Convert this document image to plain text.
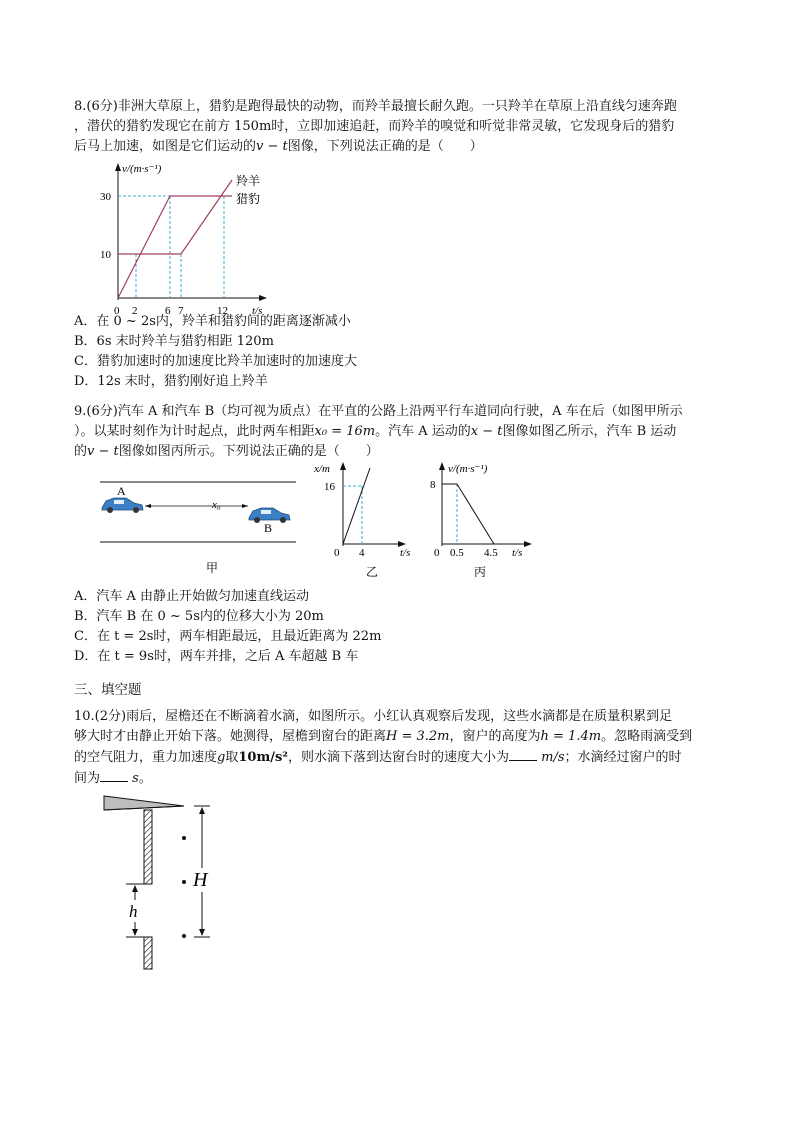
8.(6分)非洲大草原上，猎豹是跑得最快的动物，而羚羊最擅长耐久跑。一只羚羊在草原上沿直线匀速奔跑
，潜伏的猎豹发现它在前方 150m时，立即加速追赶，而羚羊的嗅觉和听觉非常灵敏，它发现身后的猎豹
后马上加速，如图是它们运动的v − t图像，下列说法正确的是（　　）
v/(m·s⁻¹)
30
10
0 2	6 7	12 t/s
羚羊
猎豹
A．在 0 ~ 2s内，羚羊和猎豹间的距离逐渐减小
B．6s 末时羚羊与猎豹相距 120m
C．猎豹加速时的加速度比羚羊加速时的加速度大
D．12s 末时，猎豹刚好追上羚羊
9.(6分)汽车 A 和汽车 B（均可视为质点）在平直的公路上沿两平行车道同向行驶，A 车在后（如图甲所示
）。以某时刻作为计时起点，此时两车相距x₀ = 16m。汽车 A 运动的x − t图像如图乙所示，汽车 B 运动
的v − t图像如图丙所示。下列说法正确的是（　　）
A
B
x₀
甲
x/m
16
0 4	t/s
乙
v/(m·s⁻¹)
8
0 0.5 4.5 t/s
丙
A．汽车 A 由静止开始做匀加速直线运动
B．汽车 B 在 0 ~ 5s内的位移大小为 20m
C．在 t = 2s时，两车相距最远，且最近距离为 22m
D．在 t = 9s时，两车并排，之后 A 车超越 B 车
三、填空题
10.(2分)雨后，屋檐还在不断滴着水滴，如图所示。小红认真观察后发现，这些水滴都是在质量积累到足
够大时才由静止开始下落。她测得，屋檐到窗台的距离H = 3.2m，窗户的高度为h = 1.4m。忽略雨滴受到
的空气阻力，重力加速度g取10m/s²，则水滴下落到达窗台时的速度大小为 m/s；水滴经过窗户的时
间为 s。
H
h
